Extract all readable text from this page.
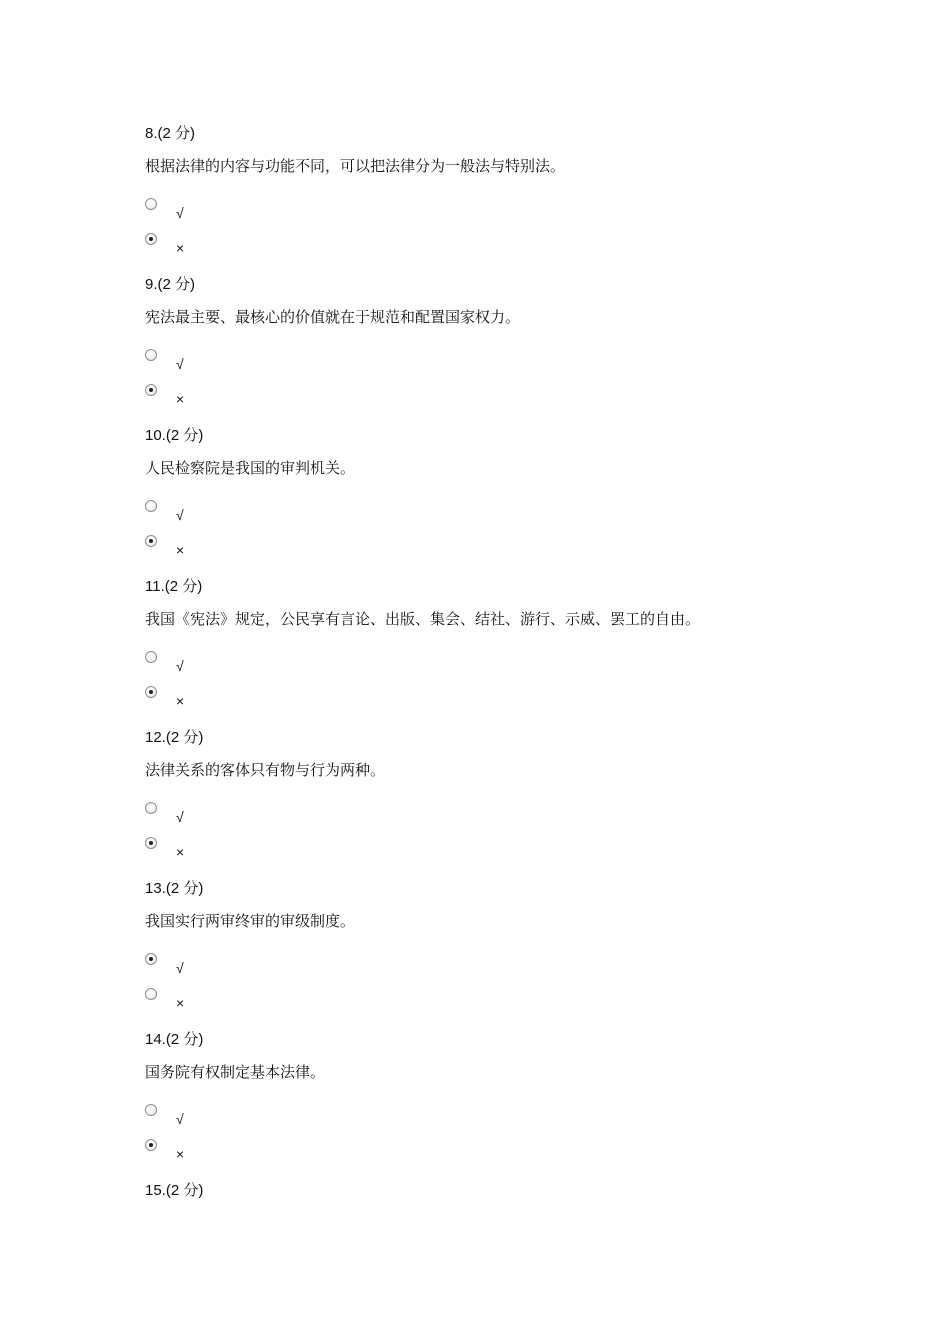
8.(2 分)
根据法律的内容与功能不同，可以把法律分为一般法与特别法。
√
×
9.(2 分)
宪法最主要、最核心的价值就在于规范和配置国家权力。
√
×
10.(2 分)
人民检察院是我国的审判机关。
√
×
11.(2 分)
我国《宪法》规定，公民享有言论、出版、集会、结社、游行、示威、罢工的自由。
√
×
12.(2 分)
法律关系的客体只有物与行为两种。
√
×
13.(2 分)
我国实行两审终审的审级制度。
√
×
14.(2 分)
国务院有权制定基本法律。
√
×
15.(2 分)
